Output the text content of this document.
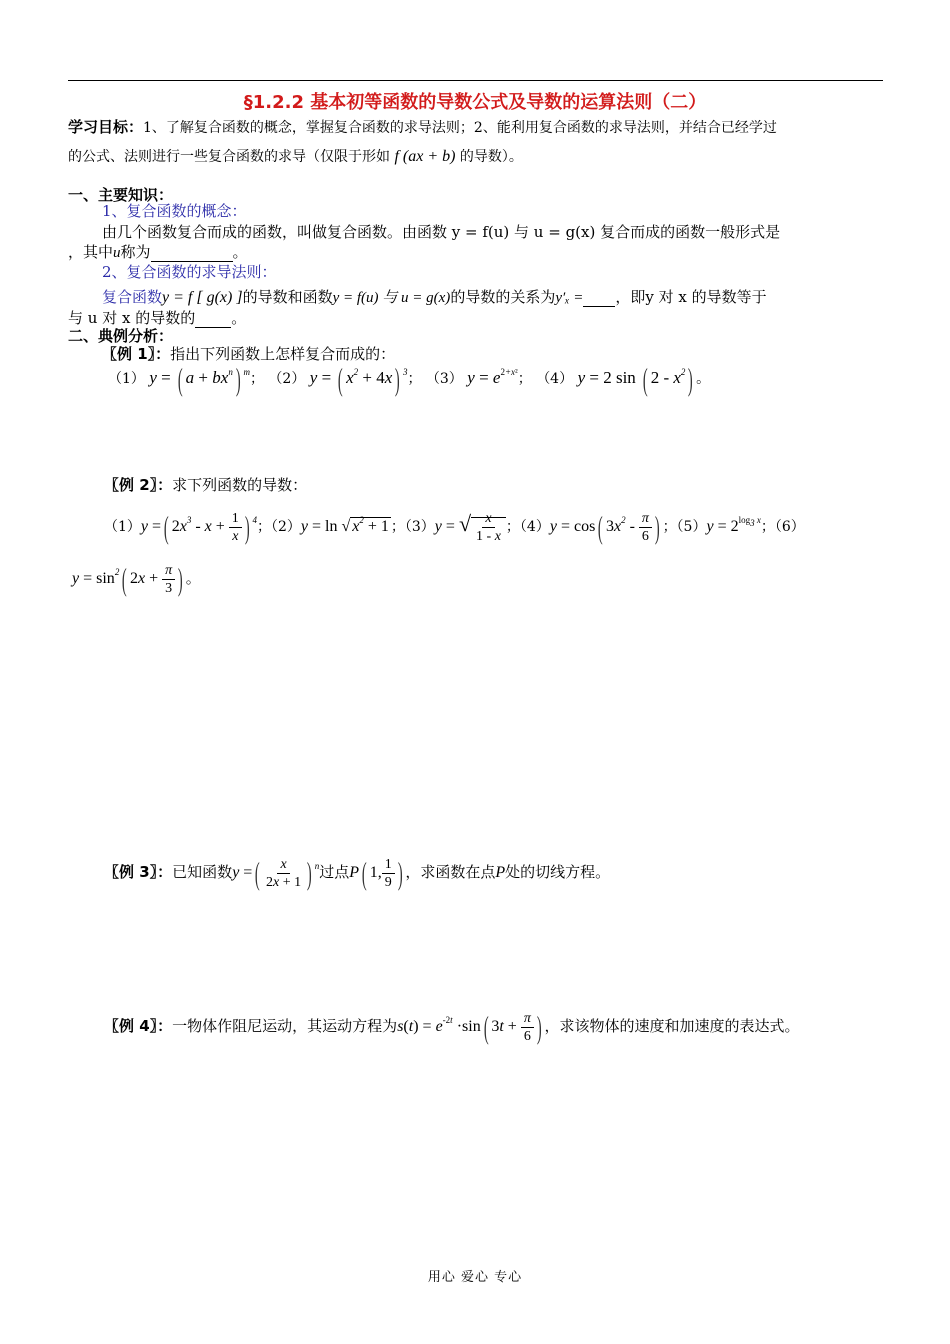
§1.2.2 基本初等函数的导数公式及导数的运算法则（二）
学习目标：1、了解复合函数的概念，掌握复合函数的求导法则；2、能利用复合函数的求导法则，并结合已经学过
的公式、法则进行一些复合函数的求导（仅限于形如 f (ax + b) 的导数）。
一、主要知识：
1、复合函数的概念：
由几个函数复合而成的函数，叫做复合函数。由函数 y = f(u) 与 u = g(x) 复合而成的函数一般形式是
，其中u称为	。
2、复合函数的求导法则：
复合函数y = f [ g(x) ]的导数和函数y = f(u) 与 u = g(x)的导数的关系为y′ₓ = ，即y 对 x 的导数等于
与 u 对 x 的导数的 。
二、典例分析：
〖例 1〗：指出下列函数上怎样复合而成的：
（1） y = ( $a + bx^n$) $^m$； （2） y = ( $x^2 + 4x$) $^3$； （3） $y = e^{2+x^2}$； （4） y = 2 sin ( $2 - x^2$) 。
〖例 2〗：求下列函数的导数：
（1）y =( $2x^3 - x + \frac{1}{x}$ ) $^4$；（2）y = ln √ $x^2 + 1$ ；（3）y = √ $\frac{x}{1 - x}$ ；（4）y = cos( $3x^2 - \frac{\pi}{6}$ ) ；$(5)y = 2^{log_3 x}$；（6）
$y = \sin^2$( $2x + \frac{\pi}{3}$ ) 。
〖例 3〗：已知函数y =( $\frac{x}{2x + 1}$ ) $^n$过点P( 1, $\frac{1}{9}$ ) ，求函数在点P处的切线方程。
〖例 4〗：一物体作阻尼运动，其运动方程为$s(t) = e^{-2t} \cdot\sin$( $3t + \frac{\pi}{6}$ ) ，求该物体的速度和加速度的表达式。
用心 爱心 专心
